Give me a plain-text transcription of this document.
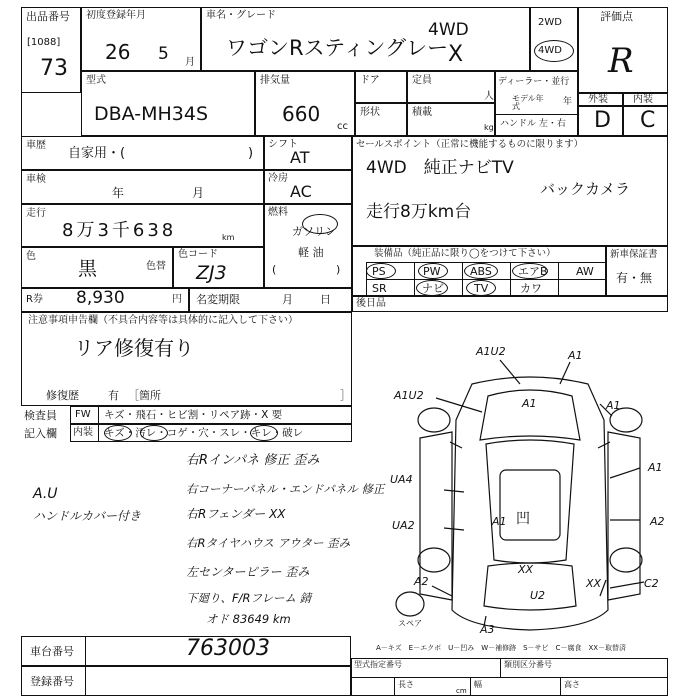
出品番号
[1088]
73
初度登録年月
26 5 月
車名・グレード
ワゴンRスティングレー
4WD
X
2WD
4WD
評価点
R
型式
DBA-MH34S
排気量
660
cc
ドア	定員
人
形状	積載
kg
ディーラー・並行
モデル年式	年
ハンドル 左・右
外装	内装
D C
車歴
自家用・(	)
シフト
AT
車検
年	月
冷房
AC
走行
8万3千638	km
燃料
ガソリン
軽 油
(	)
色
黒	色替
色コード
ZJ3
R券 8,930	円 名変期限	月 日
セールスポイント（正常に機能するものに限ります）
4WD　純正ナビTV
バックカメラ
走行8万km台
装備品（純正品に限り◯をつけて下さい）	新車保証書
有・無
PS	PW	ABS エアB	AW
SR	ナビ	TV	カワ
後日品
注意事項申告欄（不具合内容等は具体的に記入して下さい）
リア修復有り
修復歴	有 ［箇所	］
検査員
記入欄
FW キズ・飛石・ヒビ割・リペア跡・X 要
内装 キズ・汚レ・コゲ・穴・スレ・キレ・破レ
右Rインパネ 修正 歪み
右コーナーパネル・エンドパネル 修正
右Rフェンダー XX
右Rタイヤハウス アウター 歪み
左センターピラー 歪み
下廻り、F/Rフレーム 錆
オド 83649 km
A.U
ハンドルカバー付き
A1U2	A1
A1U2
A1	A1
UA4
UA2
A1
A2
凹
A1
XX
A2
U2
XX	C2
A3
スペア
A－キズ　E－エクボ　U－凹み　W－補修跡　S－サビ　C－腐食　XX－取替済
車台番号	763003
登録番号
型式指定番号	類別区分番号
長さ
cm
幅	高さ
